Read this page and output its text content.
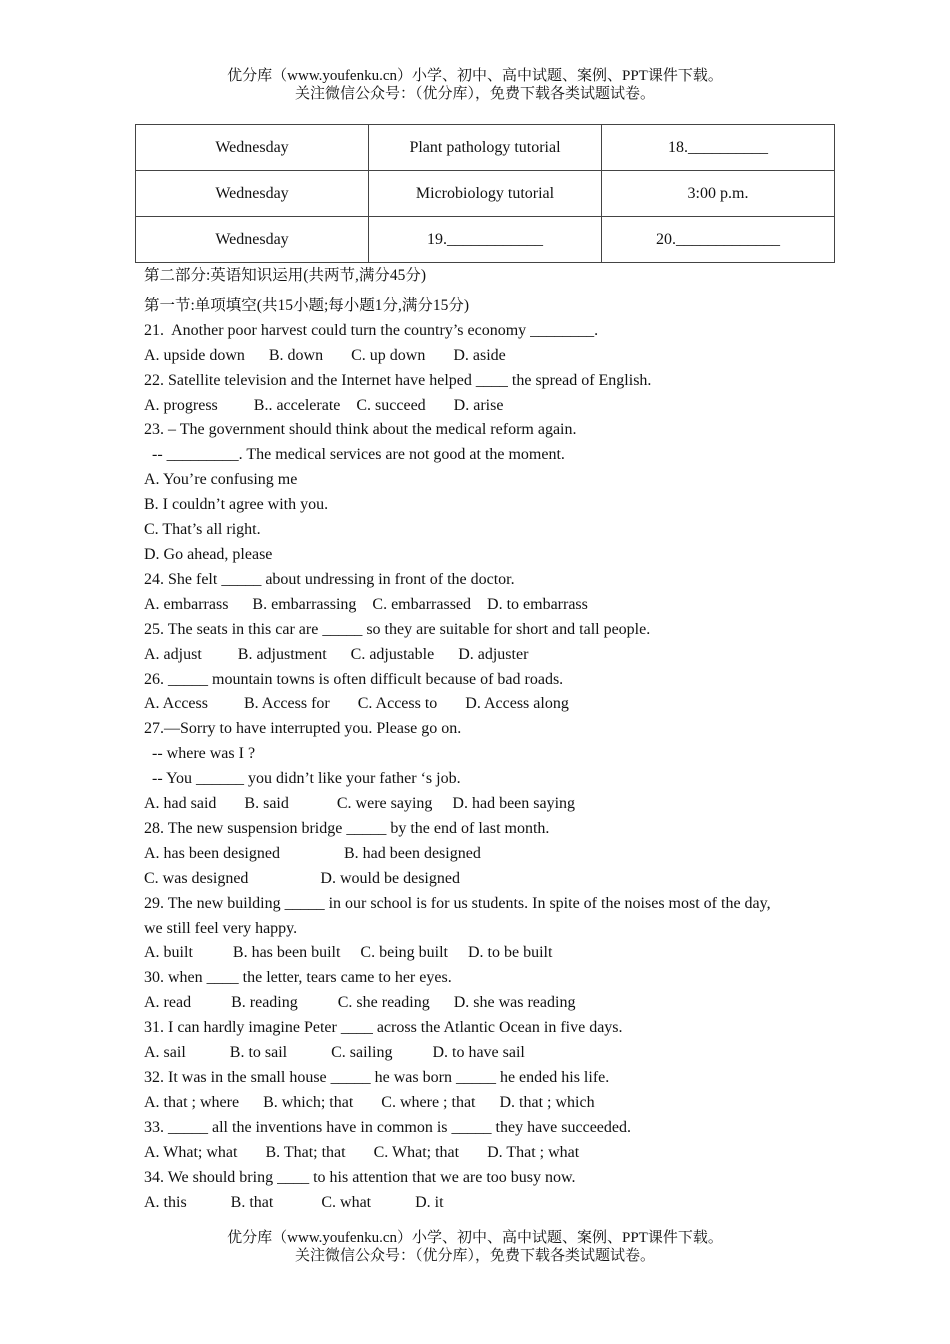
优分库（www.youfenku.cn）小学、初中、高中试题、案例、PPT课件下载。
关注微信公众号：（优分库），免费下载各类试题试卷。
Wednesday	Plant pathology tutorial	18.__________
Wednesday	Microbiology tutorial	3:00 p.m.
Wednesday	19.____________	20._____________
第二部分:英语知识运用(共两节,满分45分)
第一节:单项填空(共15小题;每小题1分,满分15分)
21.  Another poor harvest could turn the country’s economy ________.
A. upside down      B. down       C. up down       D. aside
22. Satellite television and the Internet have helped ____ the spread of English.
A. progress         B.. accelerate    C. succeed       D. arise
23. – The government should think about the medical reform again.
-- _________. The medical services are not good at the moment.
A. You’re confusing me
B. I couldn’t agree with you.
C. That’s all right.
D. Go ahead, please
24. She felt _____ about undressing in front of the doctor.
A. embarrass      B. embarrassing    C. embarrassed    D. to embarrass
25. The seats in this car are _____ so they are suitable for short and tall people.
A. adjust         B. adjustment      C. adjustable      D. adjuster
26. _____ mountain towns is often difficult because of bad roads.
A. Access         B. Access for       C. Access to       D. Access along
27.—Sorry to have interrupted you. Please go on.
-- where was I ?
-- You ______ you didn’t like your father ‘s job.
A. had said       B. said            C. were saying     D. had been saying
28. The new suspension bridge _____ by the end of last month.
A. has been designed                B. had been designed
C. was designed                  D. would be designed
29. The new building _____ in our school is for us students. In spite of the noises most of the day,
we still feel very happy.
A. built          B. has been built     C. being built     D. to be built
30. when ____ the letter, tears came to her eyes.
A. read          B. reading          C. she reading      D. she was reading
31. I can hardly imagine Peter ____ across the Atlantic Ocean in five days.
A. sail           B. to sail           C. sailing          D. to have sail
32. It was in the small house _____ he was born _____ he ended his life.
A. that ; where      B. which; that       C. where ; that      D. that ; which
33. _____ all the inventions have in common is _____ they have succeeded.
A. What; what       B. That; that       C. What; that       D. That ; what
34. We should bring ____ to his attention that we are too busy now.
A. this           B. that            C. what           D. it
优分库（www.youfenku.cn）小学、初中、高中试题、案例、PPT课件下载。
关注微信公众号：（优分库），免费下载各类试题试卷。
